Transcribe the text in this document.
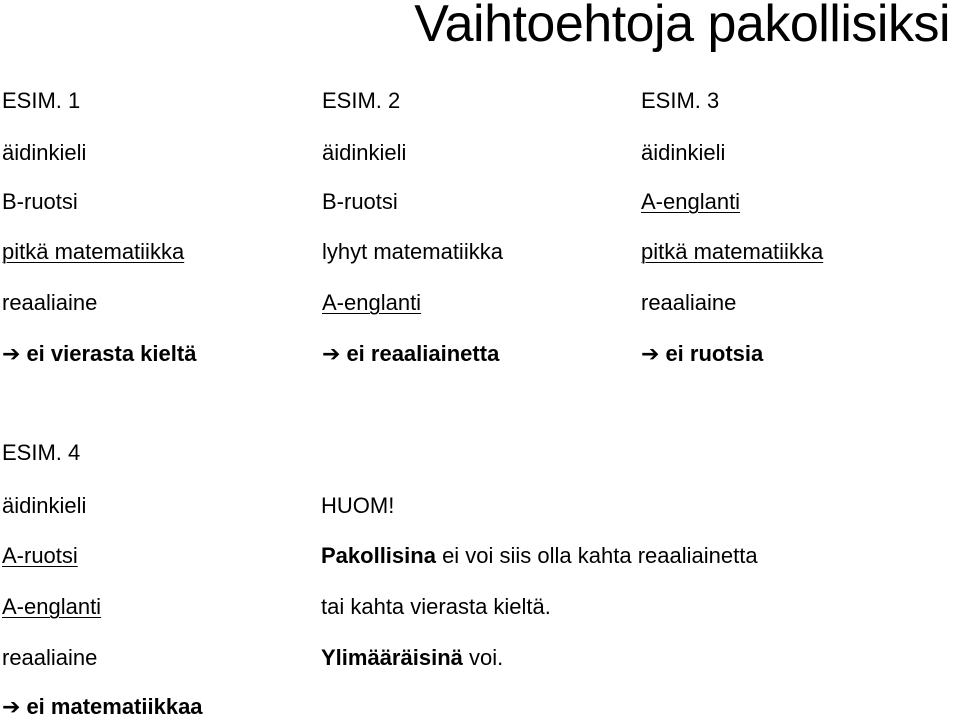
Vaihtoehtoja pakollisiksi
ESIM. 1
äidinkieli
B-ruotsi
pitkä matematiikka
reaaliaine
➔ ei vierasta kieltä
ESIM. 2
äidinkieli
B-ruotsi
lyhyt matematiikka
A-englanti
➔ ei reaaliainetta
ESIM. 3
äidinkieli
A-englanti
pitkä matematiikka
reaaliaine
➔ ei ruotsia
ESIM. 4
äidinkieli
A-ruotsi
A-englanti
reaaliaine
➔ ei matematiikkaa
HUOM!
Pakollisina ei voi siis olla kahta reaaliainetta
tai kahta vierasta kieltä.
Ylimääräisinä voi.
